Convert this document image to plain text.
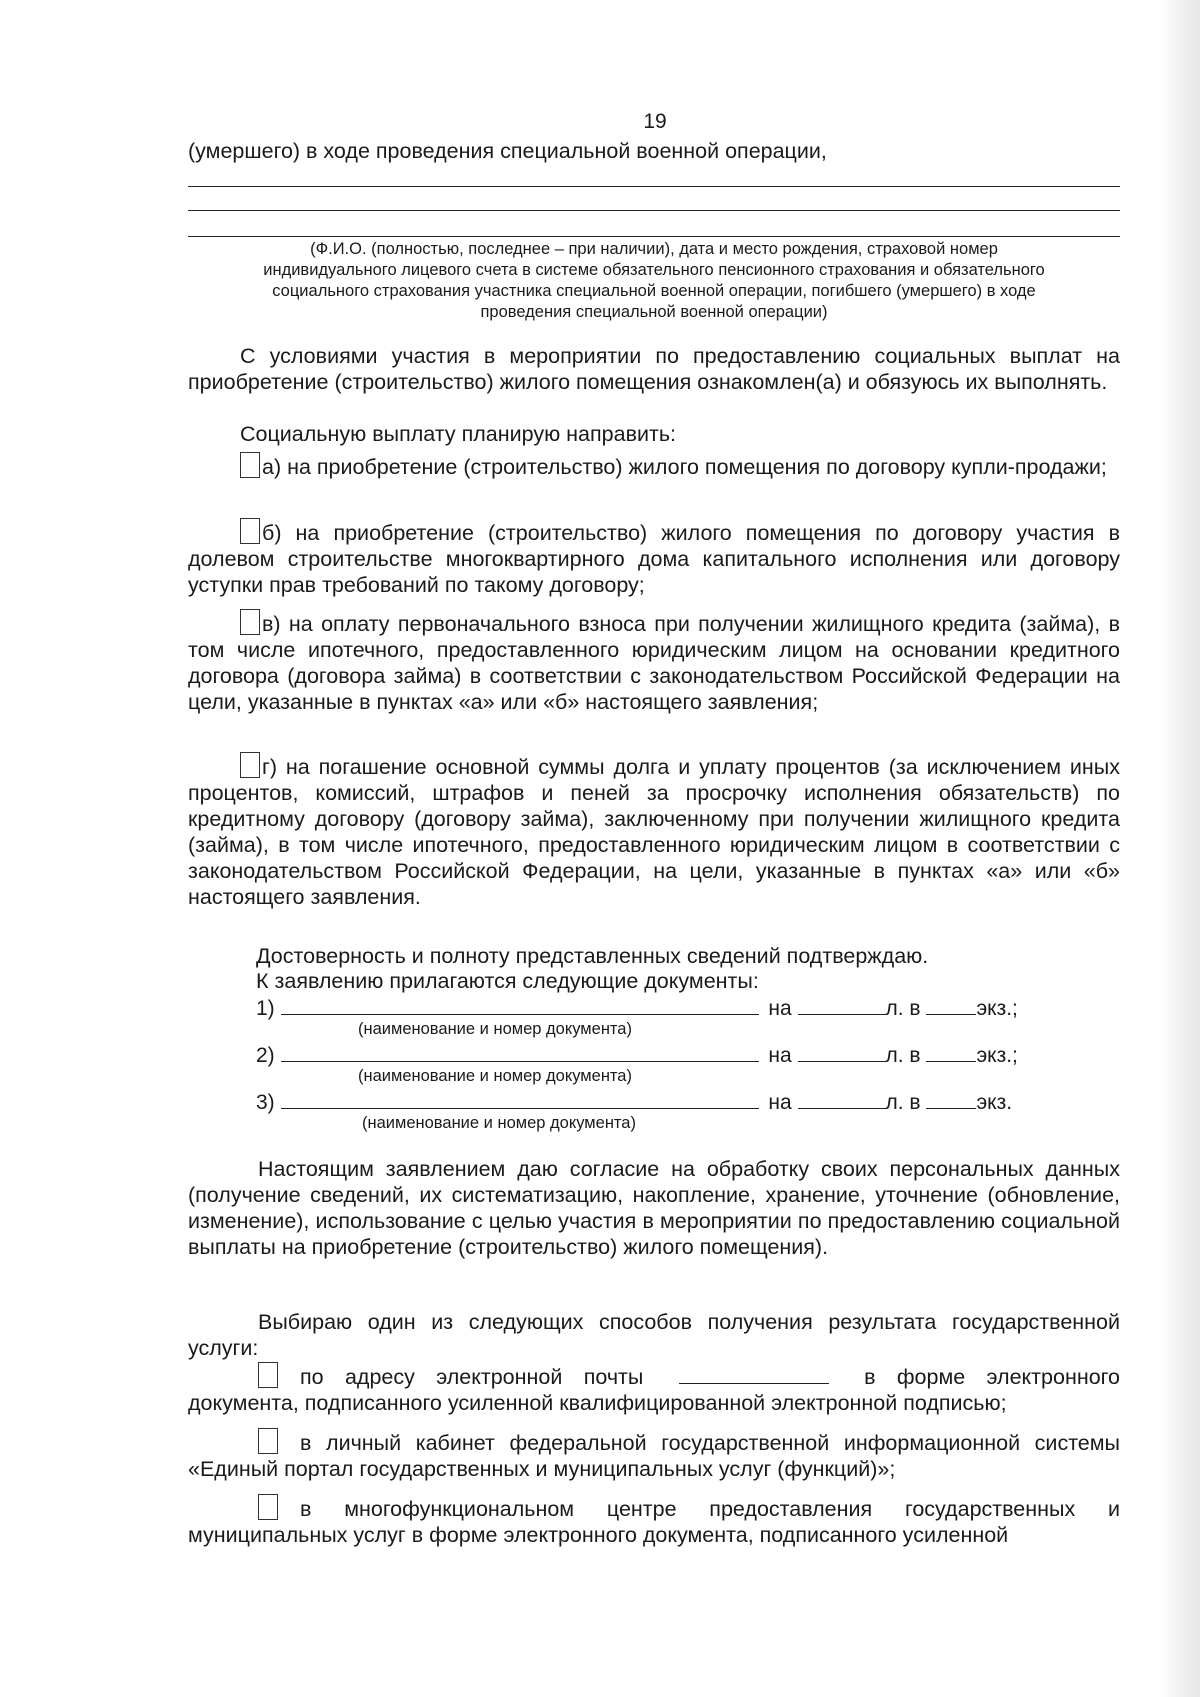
19
(умершего) в ходе проведения специальной военной операции,
(Ф.И.О. (полностью, последнее – при наличии), дата и место рождения, страховой номер
индивидуального лицевого счета в системе обязательного пенсионного страхования и обязательного
социального страхования участника специальной военной операции, погибшего (умершего) в ходе
проведения специальной военной операции)
С условиями участия в мероприятии по предоставлению социальных выплат на приобретение (строительство) жилого помещения ознакомлен(а) и обязуюсь их выполнять.
Социальную выплату планирую направить:
а) на приобретение (строительство) жилого помещения по договору купли-продажи;
б) на приобретение (строительство) жилого помещения по договору участия в долевом строительстве многоквартирного дома капитального исполнения или договору уступки прав требований по такому договору;
в) на оплату первоначального взноса при получении жилищного кредита (займа), в том числе ипотечного, предоставленного юридическим лицом на основании кредитного договора (договора займа) в соответствии с законодательством Российской Федерации на цели, указанные в пунктах «а» или «б» настоящего заявления;
г) на погашение основной суммы долга и уплату процентов (за исключением иных процентов, комиссий, штрафов и пеней за просрочку исполнения обязательств) по кредитному договору (договору займа), заключенному при получении жилищного кредита (займа), в том числе ипотечного, предоставленного юридическим лицом в соответствии с законодательством Российской Федерации, на цели, указанные в пунктах «а» или «б» настоящего заявления.
Достоверность и полноту представленных сведений подтверждаю.
К заявлению прилагаются следующие документы:
1)	на	л. в	экз.;
(наименование и номер документа)
2)	на	л. в	экз.;
(наименование и номер документа)
3)	на	л. в	экз.
(наименование и номер документа)
Настоящим заявлением даю согласие на обработку своих персональных данных (получение сведений, их систематизацию, накопление, хранение, уточнение (обновление, изменение), использование с целью участия в мероприятии по предоставлению социальной выплаты на приобретение (строительство) жилого помещения).
Выбираю один из следующих способов получения результата государственной услуги:
по адресу электронной почты	в форме электронного документа, подписанного усиленной квалифицированной электронной подписью;
в личный кабинет федеральной государственной информационной системы «Единый портал государственных и муниципальных услуг (функций)»;
в многофункциональном центре предоставления государственных и муниципальных услуг в форме электронного документа, подписанного усиленной
